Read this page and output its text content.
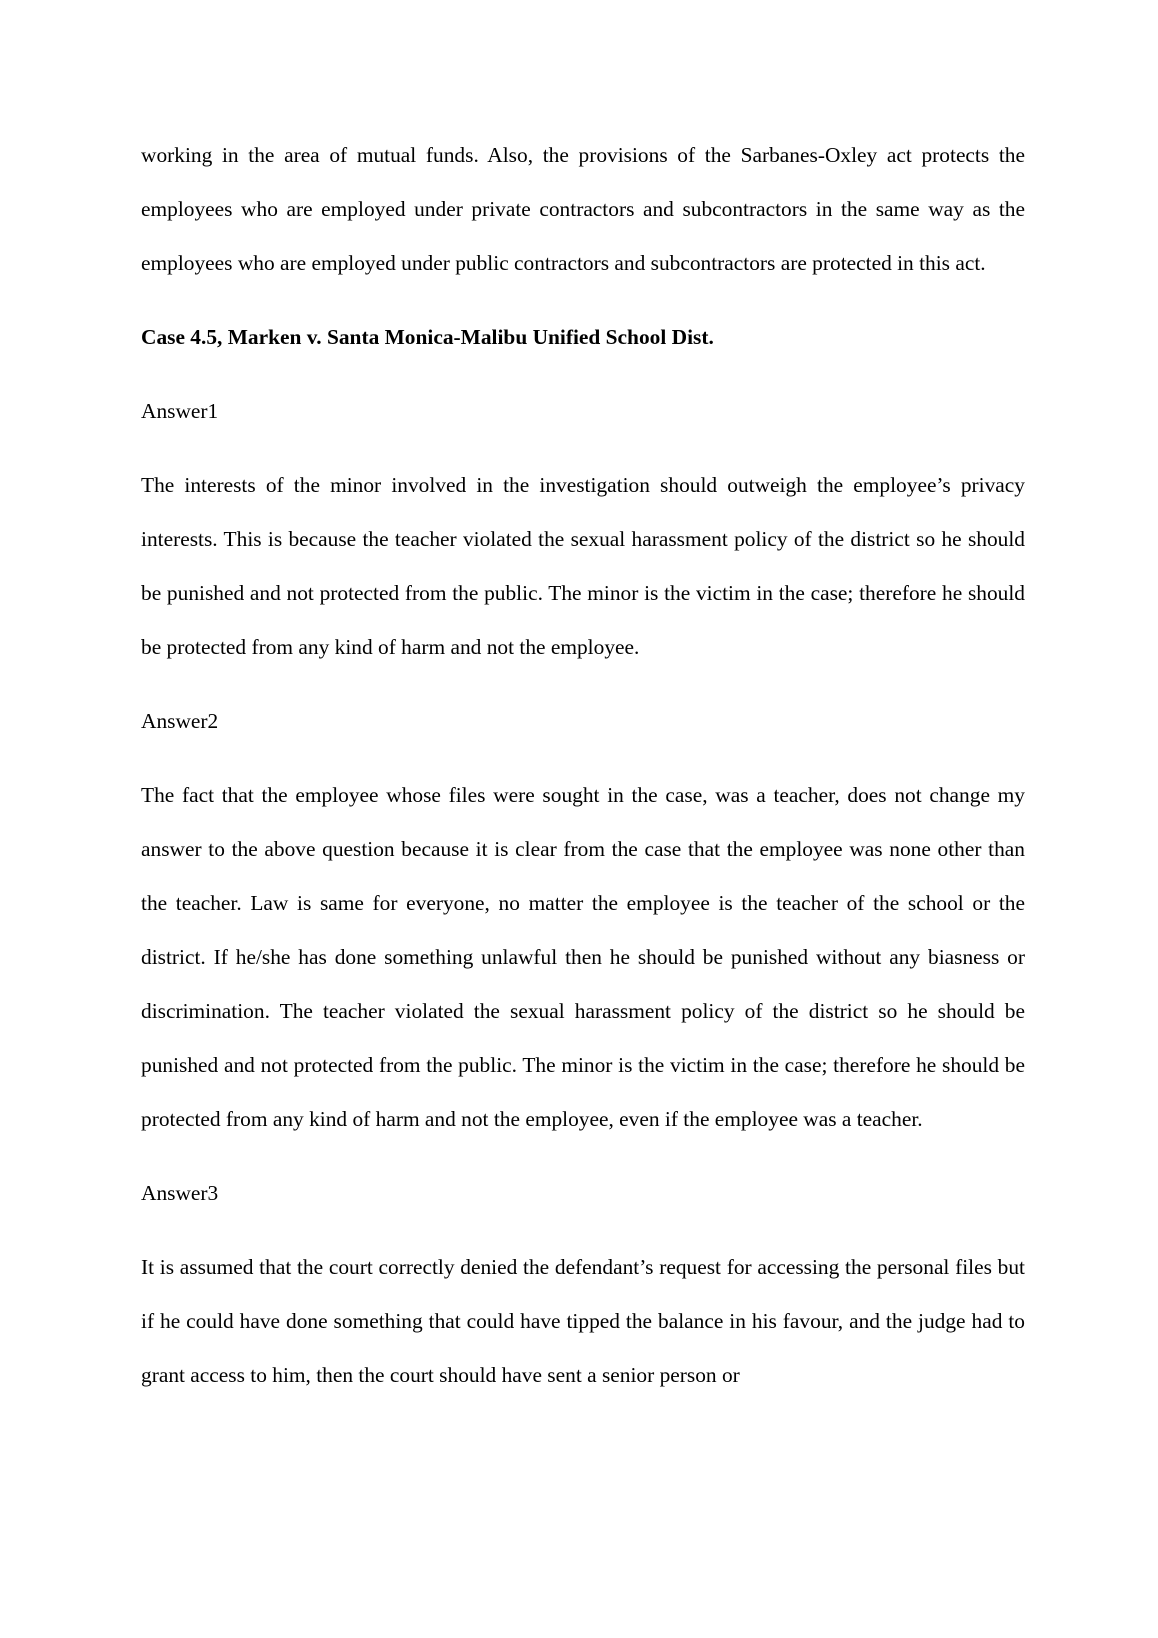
working in the area of mutual funds. Also, the provisions of the Sarbanes-Oxley act protects the employees who are employed under private contractors and subcontractors in the same way as the employees who are employed under public contractors and subcontractors are protected in this act.

Case 4.5, Marken v. Santa Monica-Malibu Unified School Dist.

Answer1

The interests of the minor involved in the investigation should outweigh the employee’s privacy interests. This is because the teacher violated the sexual harassment policy of the district so he should be punished and not protected from the public. The minor is the victim in the case; therefore he should be protected from any kind of harm and not the employee.

Answer2

The fact that the employee whose files were sought in the case, was a teacher, does not change my answer to the above question because it is clear from the case that the employee was none other than the teacher. Law is same for everyone, no matter the employee is the teacher of the school or the district. If he/she has done something unlawful then he should be punished without any biasness or discrimination. The teacher violated the sexual harassment policy of the district so he should be punished and not protected from the public. The minor is the victim in the case; therefore he should be protected from any kind of harm and not the employee, even if the employee was a teacher.

Answer3

It is assumed that the court correctly denied the defendant’s request for accessing the personal files but if he could have done something that could have tipped the balance in his favour, and the judge had to grant access to him, then the court should have sent a senior person or
